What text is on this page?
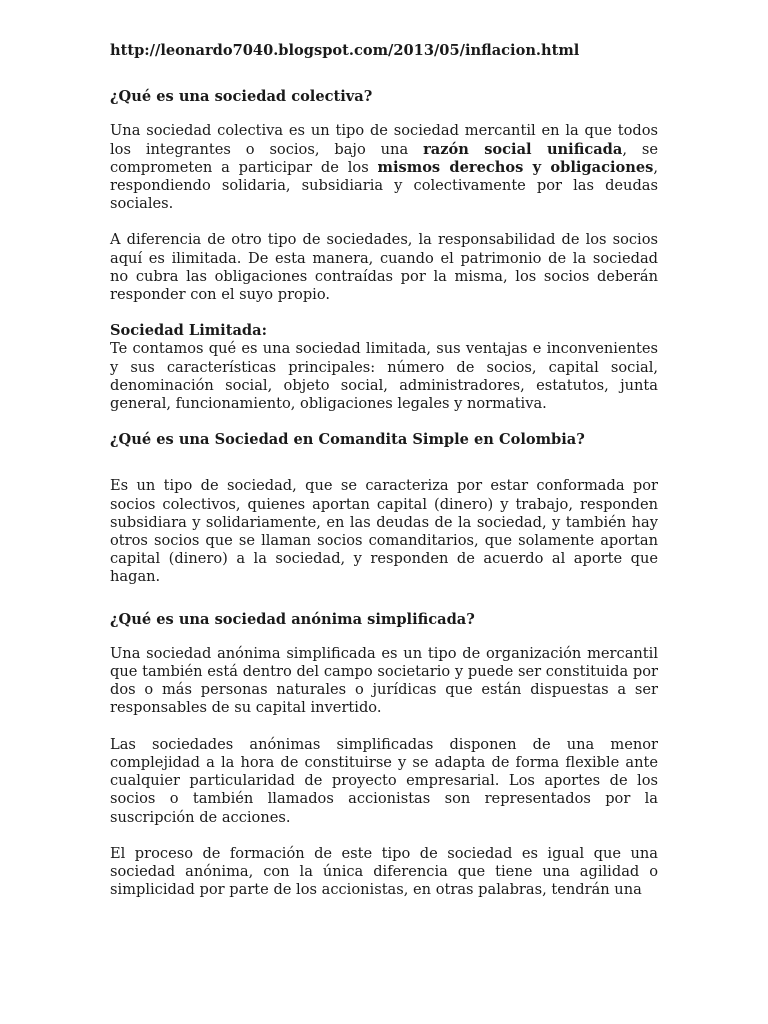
http://leonardo7040.blogspot.com/2013/05/inflacion.html
¿Qué es una sociedad colectiva?
Una sociedad colectiva es un tipo de sociedad mercantil en la que todos los integrantes o socios, bajo una razón social unificada, se comprometen a participar de los mismos derechos y obligaciones, respondiendo solidaria, subsidiaria y colectivamente por las deudas sociales.
A diferencia de otro tipo de sociedades, la responsabilidad de los socios aquí es ilimitada. De esta manera, cuando el patrimonio de la sociedad no cubra las obligaciones contraídas por la misma, los socios deberán responder con el suyo propio.
Sociedad Limitada:
Te contamos qué es una sociedad limitada, sus ventajas e inconvenientes y sus características principales: número de socios, capital social, denominación social, objeto social, administradores, estatutos, junta general, funcionamiento, obligaciones legales y normativa.
¿Qué es una Sociedad en Comandita Simple en Colombia?
Es un tipo de sociedad, que se caracteriza por estar conformada por socios colectivos, quienes aportan capital (dinero) y trabajo, responden subsidiara y solidariamente, en las deudas de la sociedad, y también hay otros socios que se llaman socios comanditarios, que solamente aportan capital (dinero) a la sociedad, y responden de acuerdo al aporte que hagan.
¿Qué es una sociedad anónima simplificada?
Una sociedad anónima simplificada es un tipo de organización mercantil que también está dentro del campo societario y puede ser constituida por dos o más personas naturales o jurídicas que están dispuestas a ser responsables de su capital invertido.
Las sociedades anónimas simplificadas disponen de una menor complejidad a la hora de constituirse y se adapta de forma flexible ante cualquier particularidad de proyecto empresarial. Los aportes de los socios o también llamados accionistas son representados por la suscripción de acciones.
El proceso de formación de este tipo de sociedad es igual que una sociedad anónima, con la única diferencia que tiene una agilidad o simplicidad por parte de los accionistas, en otras palabras, tendrán una
